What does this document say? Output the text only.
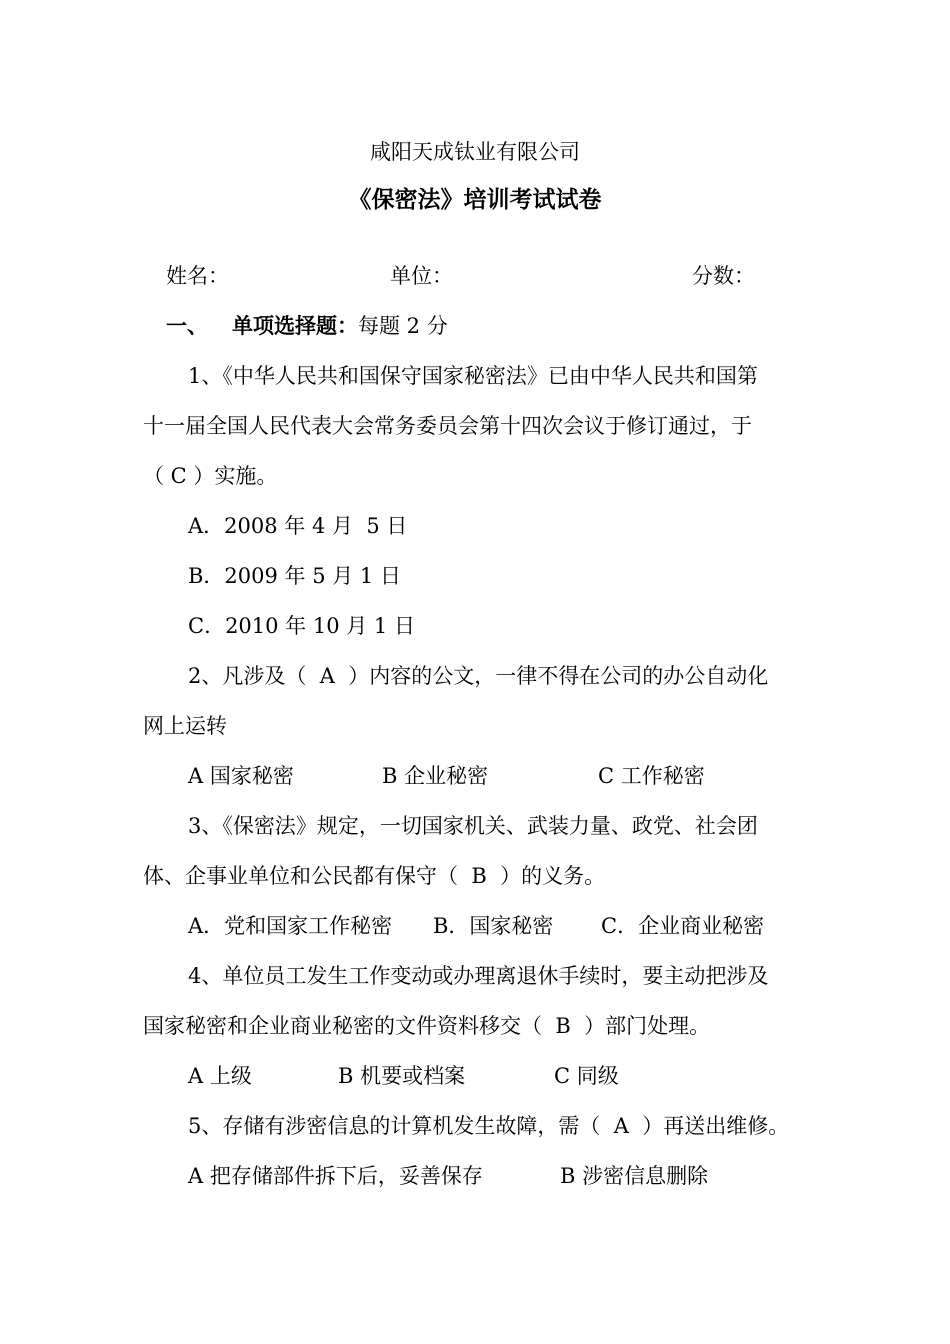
咸阳天成钛业有限公司
《保密法》培训考试试卷
姓名：	单位：	分数：
一、 单项选择题：每题 2 分
1、《中华人民共和国保守国家秘密法》已由中华人民共和国第
十一届全国人民代表大会常务委员会第十四次会议于修订通过，于
（ C ）实施。
A．2008 年 4 月  5 日
B．2009 年 5 月 1 日
C．2010 年 10 月 1 日
2、凡涉及（  A  ）内容的公文，一律不得在公司的办公自动化
网上运转
A 国家秘密	B 企业秘密	C 工作秘密
3、《保密法》规定，一切国家机关、武装力量、政党、社会团
体、企事业单位和公民都有保守（  B  ）的义务。
A．党和国家工作秘密 B．国家秘密 C．企业商业秘密
4、单位员工发生工作变动或办理离退休手续时，要主动把涉及
国家秘密和企业商业秘密的文件资料移交（  B  ）部门处理。
A 上级	B 机要或档案	C 同级
5、存储有涉密信息的计算机发生故障，需（  A  ）再送出维修。
A 把存储部件拆下后，妥善保存	B 涉密信息删除
